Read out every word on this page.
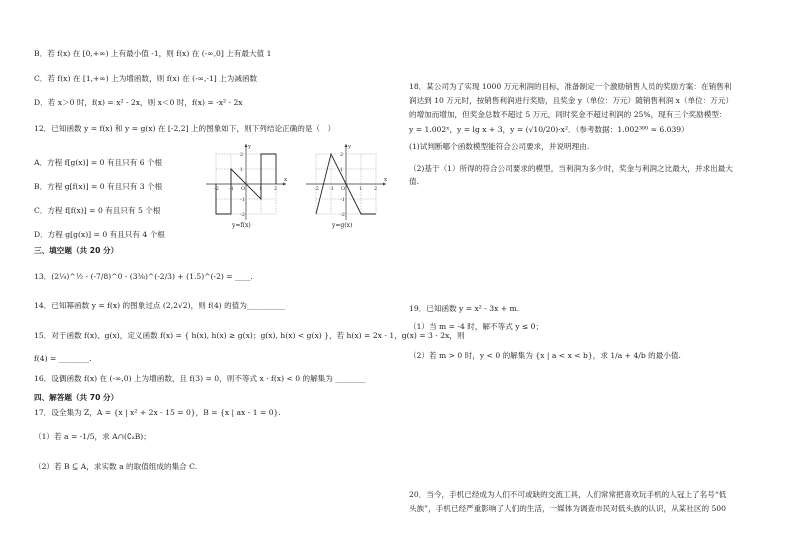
B．若 f(x) 在 [0,+∞) 上有最小值 -1，则 f(x) 在 (-∞,0] 上有最大值 1
C．若 f(x) 在 [1,+∞) 上为增函数，则 f(x) 在 (-∞,-1] 上为减函数
D．若 x＞0 时，f(x) = x² - 2x，则 x＜0 时，f(x) = -x² - 2x
12．已知函数 y = f(x) 和 y = g(x) 在 [-2,2] 上的图象如下，则下列结论正确的是（　）
A．方程 f[g(x)] = 0 有且只有 6 个根
B．方程 g[f(x)] = 0 有且只有 3 个根
C．方程 f[f(x)] = 0 有且只有 5 个根
D．方程 g[g(x)] = 0 有且只有 4 个根
x
y
-2 -1 O	1 2
2
1
-1
-2
y=f(x)
x
y
-2 -1 O	1 2
2
1
-1
-2
y=g(x)
三、填空题（共 20 分）
13．(2¼)^½ - (-7/8)^0 - (3⅜)^(-2/3) + (1.5)^(-2) = ____.
14．已知幂函数 y = f(x) 的图象过点 (2,2√2)，则 f(4) 的值为__________
15．对于函数 f(x)、g(x)，定义函数 f(x) = { h(x), h(x) ≥ g(x)；g(x), h(x) < g(x) }，若 h(x) = 2x - 1，g(x) = 3 - 2x，则
f(4) = ________.
16．设偶函数 f(x) 在 (-∞,0) 上为增函数，且 f(3) = 0，则不等式 x · f(x) < 0 的解集为 ________
四、解答题（共 70 分）
17．设全集为 Z，A = {x | x² + 2x - 15 = 0}，B = {x | ax - 1 = 0}.
（1）若 a = -1/5，求 A∩(∁ₐB)；
（2）若 B ⊆ A，求实数 a 的取值组成的集合 C.
18．某公司为了实现 1000 万元利润的目标，准备制定一个激励销售人员的奖励方案：在销售利
润达到 10 万元时，按销售利润进行奖励，且奖金 y（单位：万元）随销售利润 x（单位：万元）
的增加而增加，但奖金总数不超过 5 万元，同时奖金不超过利润的 25%，现有三个奖励模型：
y = 1.002ˣ，y = lg x + 3，y = (√10/20)·x²．（参考数据：1.002³⁰⁰ ≈ 6.039）
(1)试判断哪个函数模型能符合公司要求，并说明理由.
（2)基于（1）所得的符合公司要求的模型，当利润为多少时，奖金与利润之比最大，并求出最大
值.
19．已知函数 y = x² - 3x + m.
（1）当 m = -4 时，解不等式 y ≤ 0；
（2）若 m > 0 时，y < 0 的解集为 {x | a < x < b}，求 1/a + 4/b 的最小值.
20．当今，手机已经成为人们不可或缺的交流工具，人们常常把喜欢玩手机的人冠上了名号“低
头族”，手机已经严重影响了人们的生活，一媒体为调查市民对低头族的认识，从某社区的 500
